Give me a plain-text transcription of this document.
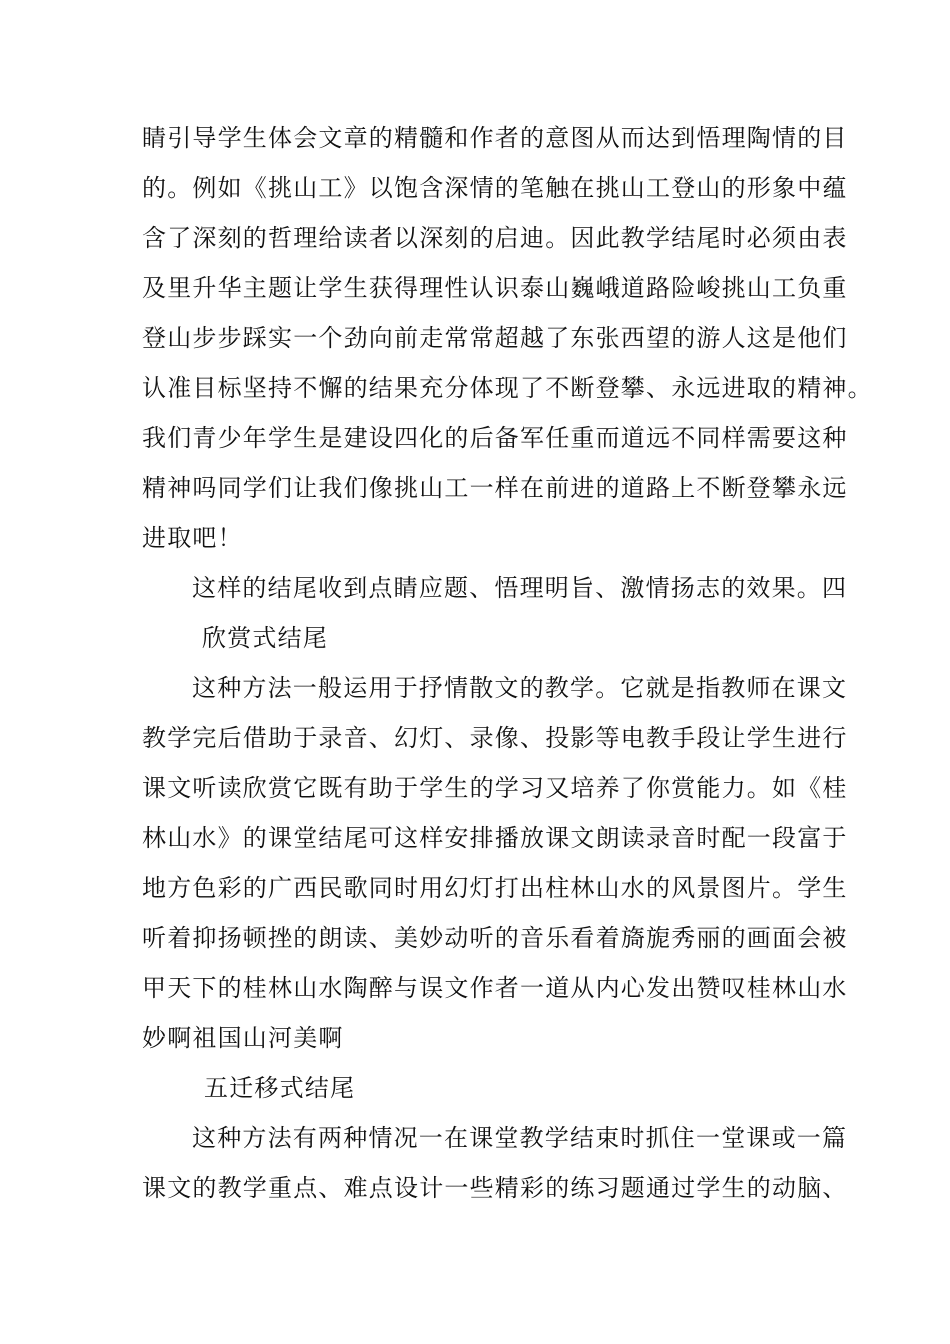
睛引导学生体会文章的精髓和作者的意图从而达到悟理陶情的目
的。例如《挑山工》以饱含深情的笔触在挑山工登山的形象中蕴
含了深刻的哲理给读者以深刻的启迪。因此教学结尾时必须由表
及里升华主题让学生获得理性认识泰山巍峨道路险峻挑山工负重
登山步步踩实一个劲向前走常常超越了东张西望的游人这是他们
认准目标坚持不懈的结果充分体现了不断登攀、永远进取的精神。
我们青少年学生是建设四化的后备军任重而道远不同样需要这种
精神吗同学们让我们像挑山工一样在前进的道路上不断登攀永远
进取吧！
这样的结尾收到点睛应题、悟理明旨、激情扬志的效果。四
欣赏式结尾
这种方法一般运用于抒情散文的教学。它就是指教师在课文
教学完后借助于录音、幻灯、录像、投影等电教手段让学生进行
课文听读欣赏它既有助于学生的学习又培养了你赏能力。如《桂
林山水》的课堂结尾可这样安排播放课文朗读录音时配一段富于
地方色彩的广西民歌同时用幻灯打出柱林山水的风景图片。学生
听着抑扬顿挫的朗读、美妙动听的音乐看着旖旎秀丽的画面会被
甲天下的桂林山水陶醉与误文作者一道从内心发出赞叹桂林山水
妙啊祖国山河美啊
五迁移式结尾
这种方法有两种情况一在课堂教学结束时抓住一堂课或一篇
课文的教学重点、难点设计一些精彩的练习题通过学生的动脑、
